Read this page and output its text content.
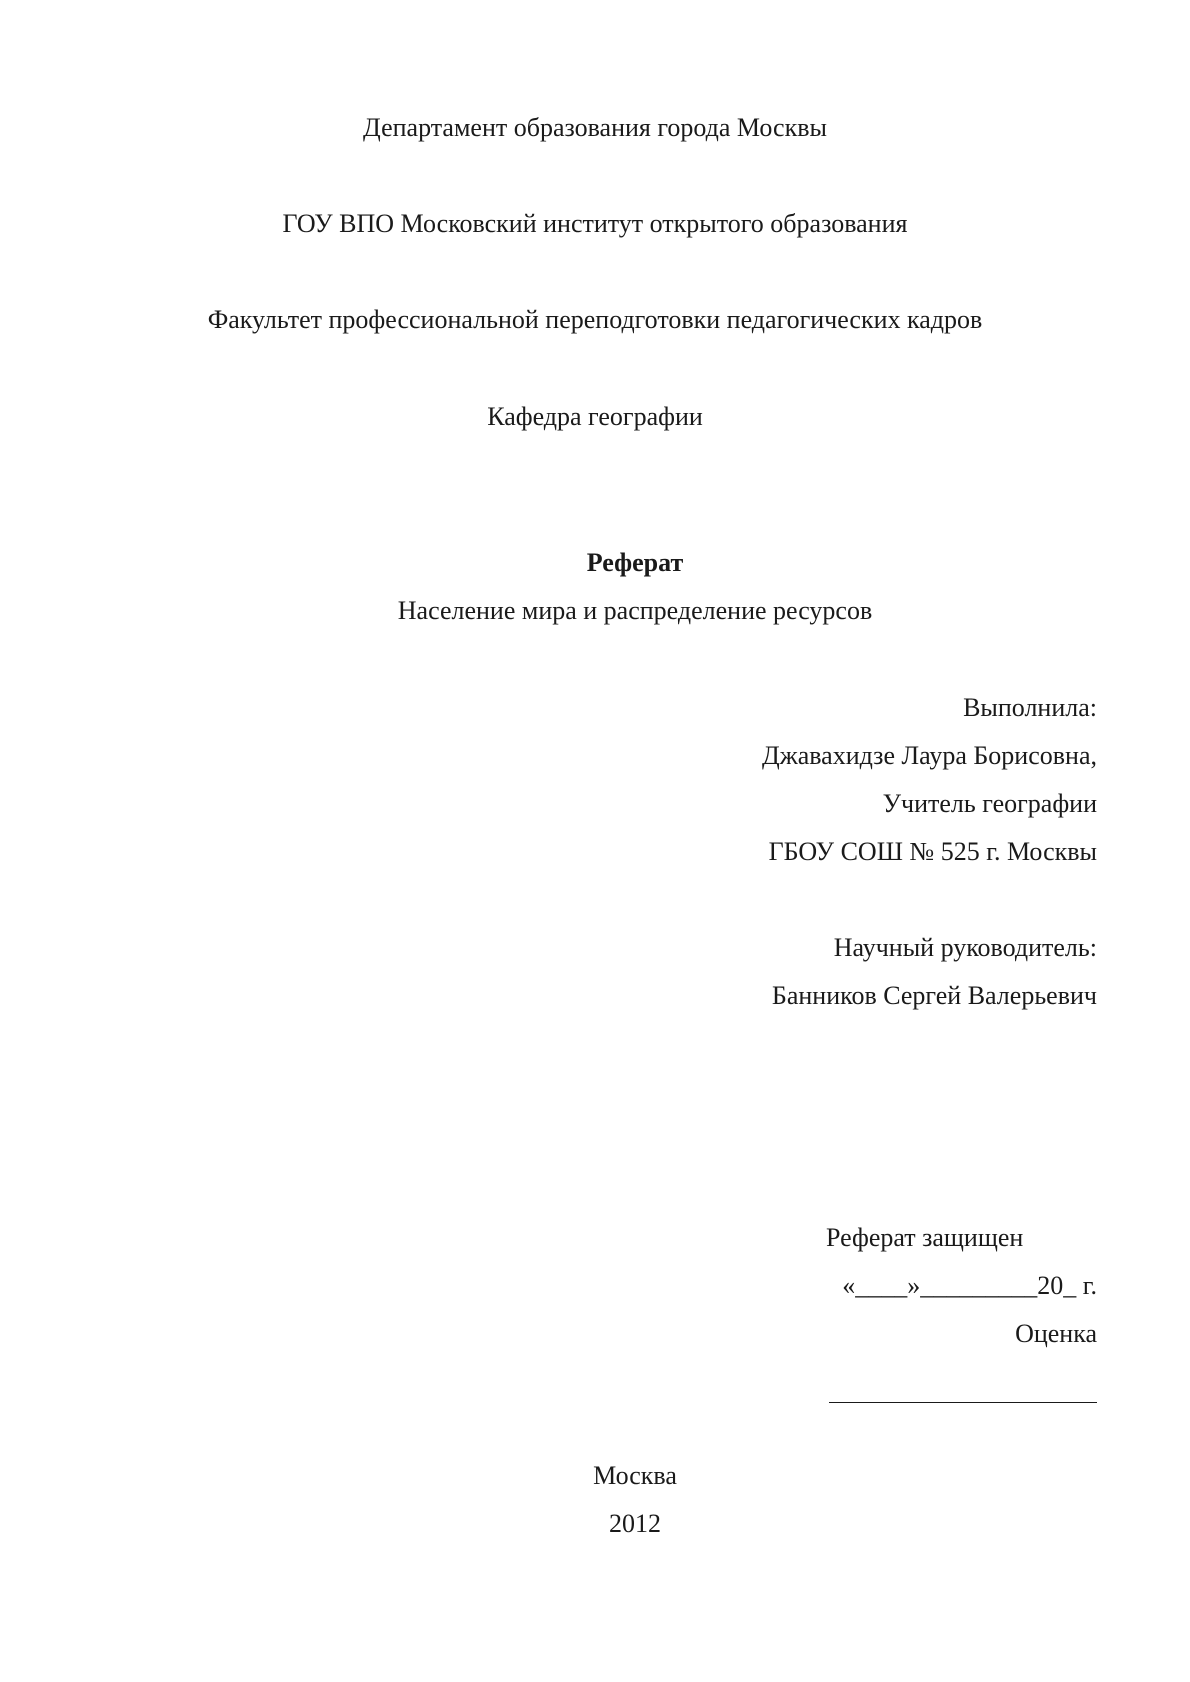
Департамент образования города Москвы
ГОУ ВПО Московский институт открытого образования
Факультет профессиональной переподготовки педагогических кадров
Кафедра географии
Реферат
Население мира и распределение ресурсов
Выполнила:
Джавахидзе Лаура Борисовна,
Учитель географии
ГБОУ СОШ № 525 г. Москвы
Научный руководитель:
Банников Сергей Валерьевич
Реферат защищен
«____»_________20_ г.
Оценка
Москва
2012
